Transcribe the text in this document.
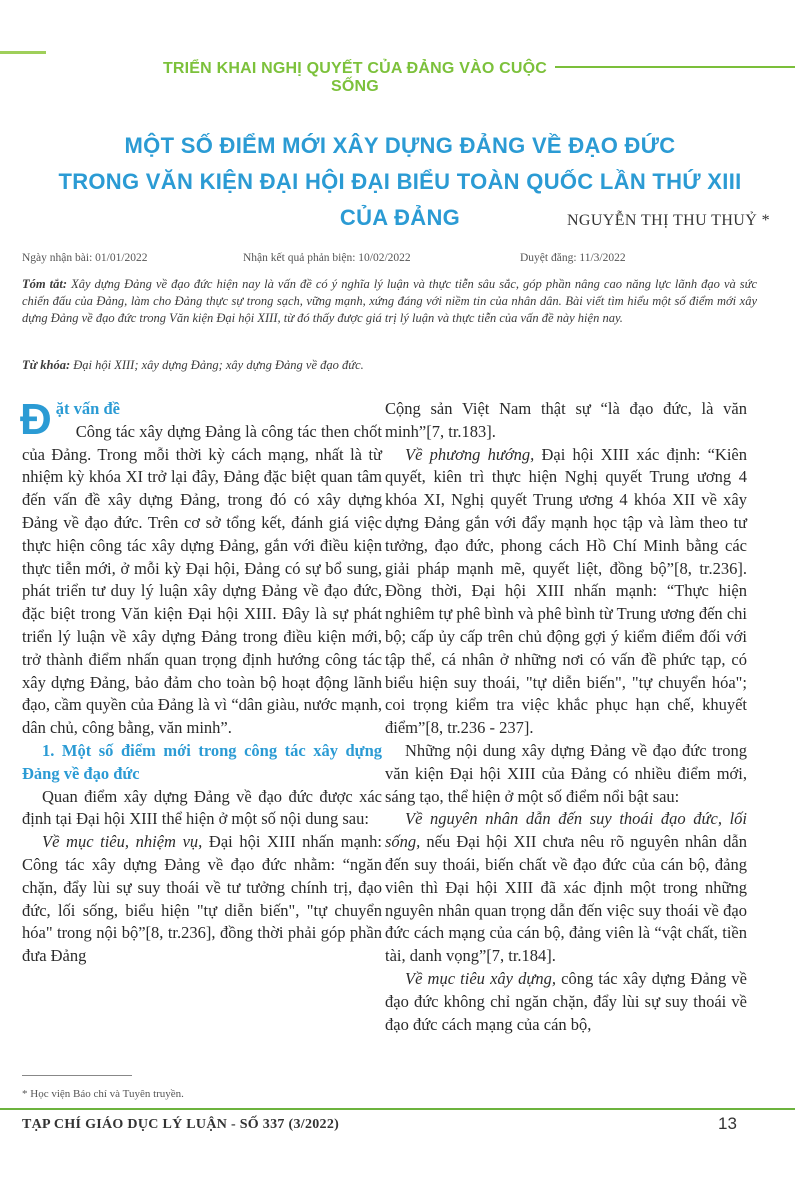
TRIỂN KHAI NGHỊ QUYẾT CỦA ĐẢNG VÀO CUỘC SỐNG
MỘT SỐ ĐIỂM MỚI XÂY DỰNG ĐẢNG VỀ ĐẠO ĐỨC
TRONG VĂN KIỆN ĐẠI HỘI ĐẠI BIỂU TOÀN QUỐC LẦN THỨ XIII CỦA ĐẢNG	NGUYỄN THỊ THU THUỶ *
Ngày nhận bài: 01/01/2022	Nhận kết quả phản biện: 10/02/2022	Duyệt đăng: 11/3/2022
Tóm tắt: Xây dựng Đảng về đạo đức hiện nay là vấn đề có ý nghĩa lý luận và thực tiễn sâu sắc, góp phần nâng cao năng lực lãnh đạo và sức chiến đấu của Đảng, làm cho Đảng thực sự trong sạch, vững mạnh, xứng đáng với niềm tin của nhân dân. Bài viết tìm hiểu một số điểm mới xây dựng Đảng về đạo đức trong Văn kiện Đại hội XIII, từ đó thấy được giá trị lý luận và thực tiễn của vấn đề này hiện nay.
Từ khóa: Đại hội XIII; xây dựng Đảng; xây dựng Đảng về đạo đức.

Đặt vấn đề

Công tác xây dựng Đảng là công tác then chốt của Đảng. Trong mỗi thời kỳ cách mạng, nhất là từ nhiệm kỳ khóa XI trở lại đây, Đảng đặc biệt quan tâm đến vấn đề xây dựng Đảng, trong đó có xây dựng Đảng về đạo đức. Trên cơ sở tổng kết, đánh giá việc thực hiện công tác xây dựng Đảng, gắn với điều kiện thực tiễn mới, ở mỗi kỳ Đại hội, Đảng có sự bổ sung, phát triển tư duy lý luận xây dựng Đảng về đạo đức, đặc biệt trong Văn kiện Đại hội XIII. Đây là sự phát triển lý luận về xây dựng Đảng trong điều kiện mới, trở thành điểm nhấn quan trọng định hướng công tác xây dựng Đảng, bảo đảm cho toàn bộ hoạt động lãnh đạo, cầm quyền của Đảng là vì “dân giàu, nước mạnh, dân chủ, công bằng, văn minh”.

1. Một số điểm mới trong công tác xây dựng Đảng về đạo đức

Quan điểm xây dựng Đảng về đạo đức được xác định tại Đại hội XIII thể hiện ở một số nội dung sau:

Về mục tiêu, nhiệm vụ, Đại hội XIII nhấn mạnh: Công tác xây dựng Đảng về đạo đức nhằm: “ngăn chặn, đẩy lùi sự suy thoái về tư tưởng chính trị, đạo đức, lối sống, biểu hiện "tự diễn biến", "tự chuyển hóa" trong nội bộ”[8, tr.236], đồng thời phải góp phần đưa Đảng

Cộng sản Việt Nam thật sự “là đạo đức, là văn minh”[7, tr.183].

Về phương hướng, Đại hội XIII xác định: “Kiên quyết, kiên trì thực hiện Nghị quyết Trung ương 4 khóa XI, Nghị quyết Trung ương 4 khóa XII về xây dựng Đảng gắn với đẩy mạnh học tập và làm theo tư tưởng, đạo đức, phong cách Hồ Chí Minh bằng các giải pháp mạnh mẽ, quyết liệt, đồng bộ”[8, tr.236]. Đồng thời, Đại hội XIII nhấn mạnh: “Thực hiện nghiêm tự phê bình và phê bình từ Trung ương đến chi bộ; cấp ủy cấp trên chủ động gợi ý kiểm điểm đối với tập thể, cá nhân ở những nơi có vấn đề phức tạp, có biểu hiện suy thoái, "tự diễn biến", "tự chuyển hóa"; coi trọng kiểm tra việc khắc phục hạn chế, khuyết điểm”[8, tr.236 - 237].

Những nội dung xây dựng Đảng về đạo đức trong văn kiện Đại hội XIII của Đảng có nhiều điểm mới, sáng tạo, thể hiện ở một số điểm nổi bật sau:

Về nguyên nhân dẫn đến suy thoái đạo đức, lối sống, nếu Đại hội XII chưa nêu rõ nguyên nhân dẫn đến suy thoái, biến chất về đạo đức của cán bộ, đảng viên thì Đại hội XIII đã xác định một trong những nguyên nhân quan trọng dẫn đến việc suy thoái về đạo đức cách mạng của cán bộ, đảng viên là “vật chất, tiền tài, danh vọng”[7, tr.184].

Về mục tiêu xây dựng, công tác xây dựng Đảng về đạo đức không chỉ ngăn chặn, đẩy lùi sự suy thoái về đạo đức cách mạng của cán bộ,

* Học viện Báo chí và Tuyên truyền.
TẠP CHÍ GIÁO DỤC LÝ LUẬN - SỐ 337 (3/2022)	13
